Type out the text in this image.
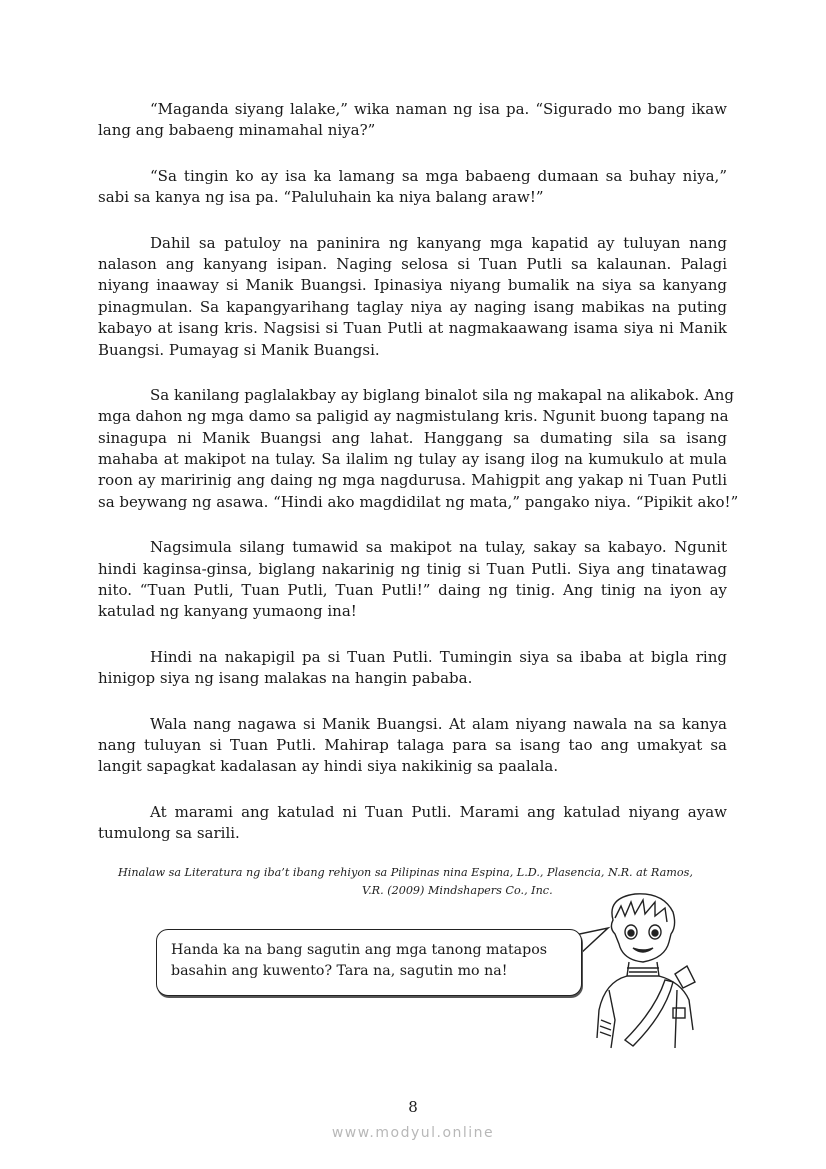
“Maganda siyang lalake,” wika naman ng isa pa. “Sigurado mo bang ikaw
lang ang babaeng minamahal niya?”
“Sa tingin ko ay isa ka lamang sa mga babaeng dumaan sa buhay niya,”
sabi sa kanya ng isa pa. “Paluluhain ka niya balang araw!”
Dahil sa patuloy na paninira ng kanyang mga kapatid ay tuluyan nang
nalason ang kanyang isipan. Naging selosa si Tuan Putli sa kalaunan. Palagi
niyang inaaway si Manik Buangsi. Ipinasiya niyang bumalik na siya sa kanyang
pinagmulan. Sa kapangyarihang taglay niya ay naging isang mabikas na puting
kabayo at isang kris. Nagsisi si Tuan Putli at nagmakaawang isama siya ni Manik
Buangsi. Pumayag si Manik Buangsi.
Sa kanilang paglalakbay ay biglang binalot sila ng makapal na alikabok. Ang
mga dahon ng mga damo sa paligid ay nagmistulang kris. Ngunit buong tapang na
sinagupa ni Manik Buangsi ang lahat. Hanggang sa dumating sila sa isang
mahaba at makipot na tulay. Sa ilalim ng tulay ay isang ilog na kumukulo at mula
roon ay maririnig ang daing ng mga nagdurusa. Mahigpit ang yakap ni Tuan Putli
sa beywang ng asawa. “Hindi ako magdidilat ng mata,” pangako niya. “Pipikit ako!”
Nagsimula silang tumawid sa makipot na tulay, sakay sa kabayo. Ngunit
hindi kaginsa-ginsa, biglang nakarinig ng tinig si Tuan Putli. Siya ang tinatawag
nito. “Tuan Putli, Tuan Putli, Tuan Putli!” daing ng tinig. Ang tinig na iyon ay
katulad ng kanyang yumaong ina!
Hindi na nakapigil pa si Tuan Putli. Tumingin siya sa ibaba at bigla ring
hinigop siya ng isang malakas na hangin pababa.
Wala nang nagawa si Manik Buangsi. At alam niyang nawala na sa kanya
nang tuluyan si Tuan Putli. Mahirap talaga para sa isang tao ang umakyat sa
langit sapagkat kadalasan ay hindi siya nakikinig sa paalala.
At marami ang katulad ni Tuan Putli. Marami ang katulad niyang ayaw
tumulong sa sarili.
Hinalaw sa Literatura ng iba’t ibang rehiyon sa Pilipinas nina Espina, L.D., Plasencia, N.R. at Ramos,
V.R. (2009) Mindshapers Co., Inc.
Handa ka na bang sagutin ang mga tanong matapos
basahin ang kuwento? Tara na, sagutin mo na!
8
www.modyul.online
